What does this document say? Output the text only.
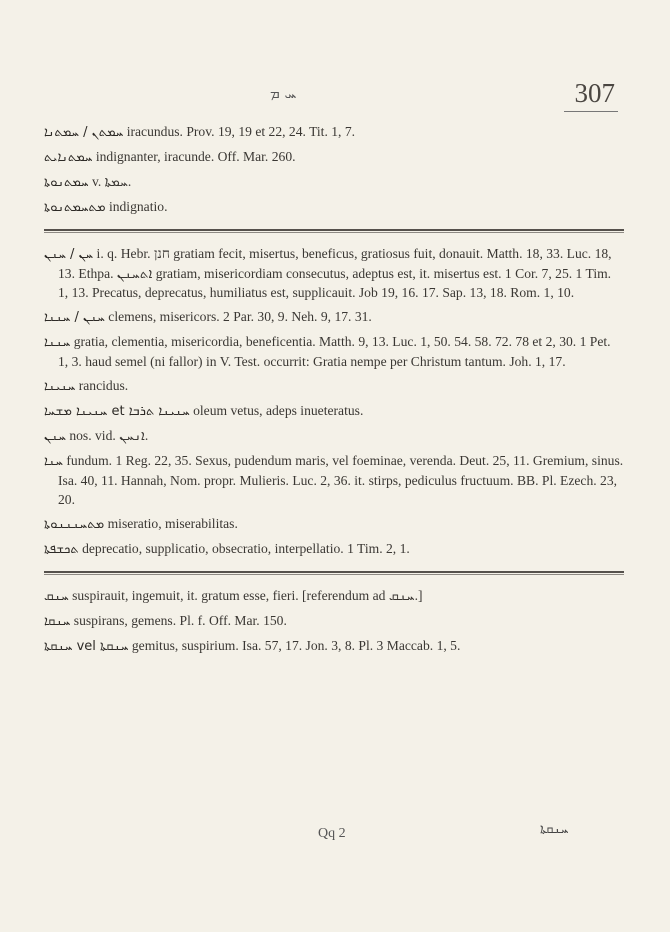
ܚ ܡ	307

ܚܡܬܢ / ܚܡܬܢܐ iracundus. Prov. 19, 19 et 22, 24. Tit. 1, 7.

ܚܡܬܢܐܝܬ indignanter, iracunde. Off. Mar. 260.

ܚܡܬܢܘܬܐ v. ܚܡܬܐ.

ܡܬܚܡܬܢܘܬܐ indignatio.

ܚܢ / ܚܢܢ i. q. Hebr. חנן gratiam fecit, misertus, beneficus, gratiosus fuit, donauit. Matth. 18, 33. Luc. 18, 13. Ethpa. ܐܬܚܢܢ gratiam, misericordiam consecutus, adeptus est, it. misertus est. 1 Cor. 7, 25. 1 Tim. 1, 13. Precatus, deprecatus, humiliatus est, supplicauit. Job 19, 16. 17. Sap. 13, 18. Rom. 1, 10.

ܚܢܢ / ܚܢܢܐ clemens, misericors. 2 Par. 30, 9. Neh. 9, 17. 31.

ܚܢܢܐ gratia, clementia, misericordia, beneficentia. Matth. 9, 13. Luc. 1, 50. 54. 58. 72. 78 et 2, 30. 1 Pet. 1, 3. haud semel (ni fallor) in V. Test. occurrit: Gratia nempe per Christum tantum. Joh. 1, 17.

ܚܢܝܢܐ rancidus.

ܚܢܝܢܐ ܡܫܚܐ et ܚܢܝܢܐ ܬܪܒܐ oleum vetus, adeps inueteratus.

ܚܢܢ nos. vid. ܐܢܚܢ.

ܚܢܐ fundum. 1 Reg. 22, 35. Sexus, pudendum maris, vel foeminae, verenda. Deut. 25, 11. Gremium, sinus. Isa. 40, 11. Hannah, Nom. propr. Mulieris. Luc. 2, 36. it. stirps, pediculus fructuum. BB. Pl. Ezech. 23, 20.

ܡܬܚܢܢܢܘܬܐ miseratio, miserabilitas.

ܬܟܫܦܬܐ deprecatio, supplicatio, obsecratio, interpellatio. 1 Tim. 2, 1.

ܚܢܩ suspirauit, ingemuit, it. gratum esse, fieri. [referendum ad ܚܢܩ.]

ܚܢܩܐ suspirans, gemens. Pl. f. Off. Mar. 150.

ܚܢܩܬܐ vel ܚܢܩܬܐ gemitus, suspirium. Isa. 57, 17. Jon. 3, 8. Pl. 3 Maccab. 1, 5.

Qq 2	ܚܢܩܬܐ
